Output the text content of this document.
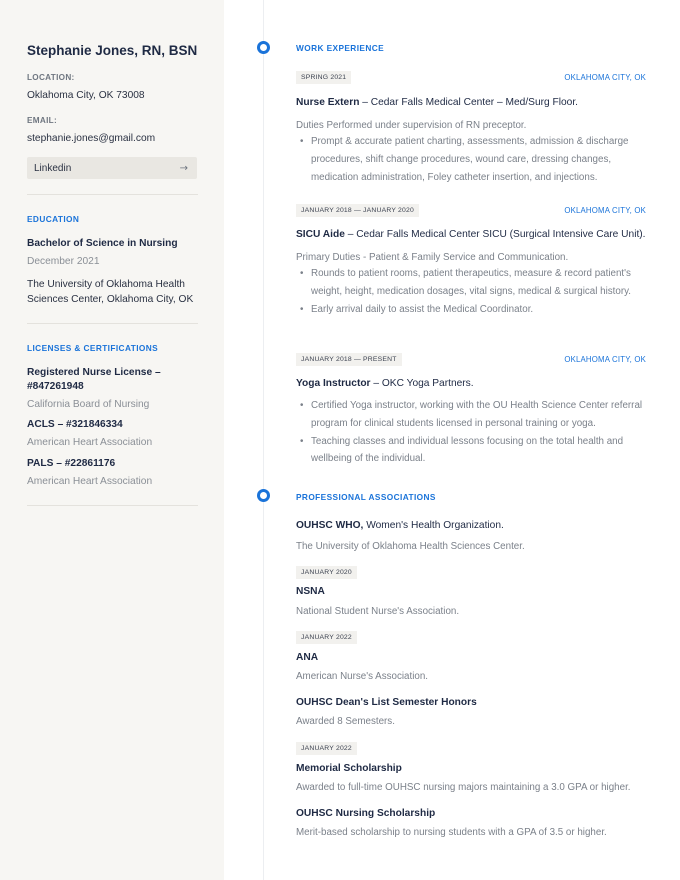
Stephanie Jones, RN, BSN
LOCATION:
Oklahoma City, OK 73008
EMAIL:
stephanie.jones@gmail.com
Linkedin	→
EDUCATION
Bachelor of Science in Nursing
December 2021
The University of Oklahoma Health Sciences Center, Oklahoma City, OK
LICENSES & CERTIFICATIONS
Registered Nurse License – #847261948
California Board of Nursing
ACLS – #321846334
American Heart Association
PALS – #22861176
American Heart Association
WORK EXPERIENCE
SPRING 2021	OKLAHOMA CITY, OK
Nurse Extern – Cedar Falls Medical Center – Med/Surg Floor.
Duties Performed under supervision of RN preceptor.
• Prompt & accurate patient charting, assessments, admission & discharge procedures, shift change procedures, wound care, dressing changes, medication administration, Foley catheter insertion, and injections.
JANUARY 2018 — JANUARY 2020	OKLAHOMA CITY, OK
SICU Aide – Cedar Falls Medical Center SICU (Surgical Intensive Care Unit).
Primary Duties - Patient & Family Service and Communication.
• Rounds to patient rooms, patient therapeutics, measure & record patient's weight, height, medication dosages, vital signs, medical & surgical history.
• Early arrival daily to assist the Medical Coordinator.
JANUARY 2018 — PRESENT	OKLAHOMA CITY, OK
Yoga Instructor – OKC Yoga Partners.
• Certified Yoga instructor, working with the OU Health Science Center referral program for clinical students licensed in personal training or yoga.
• Teaching classes and individual lessons focusing on the total health and wellbeing of the individual.
PROFESSIONAL ASSOCIATIONS
OUHSC WHO, Women's Health Organization.
The University of Oklahoma Health Sciences Center.
JANUARY 2020
NSNA
National Student Nurse's Association.
JANUARY 2022
ANA
American Nurse's Association.
OUHSC Dean's List Semester Honors
Awarded 8 Semesters.
JANUARY 2022
Memorial Scholarship
Awarded to full-time OUHSC nursing majors maintaining a 3.0 GPA or higher.
OUHSC Nursing Scholarship
Merit-based scholarship to nursing students with a GPA of 3.5 or higher.
